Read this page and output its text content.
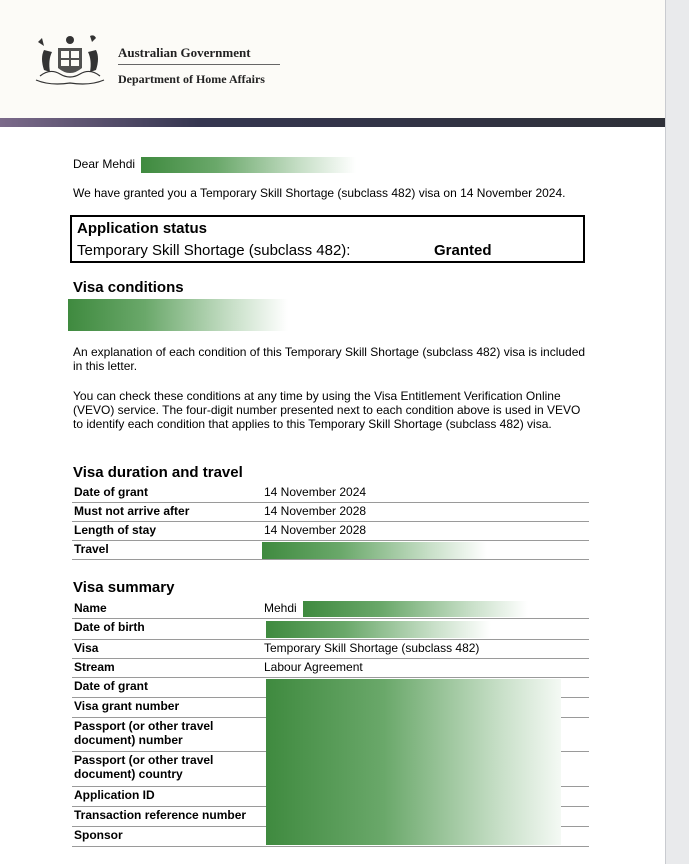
Australian Government
Department of Home Affairs
Dear Mehdi
We have granted you a Temporary Skill Shortage (subclass 482) visa on 14 November 2024.
Application status
Temporary Skill Shortage (subclass 482):	Granted
Visa conditions
An explanation of each condition of this Temporary Skill Shortage (subclass 482) visa is included in this letter.
You can check these conditions at any time by using the Visa Entitlement Verification Online (VEVO) service. The four-digit number presented next to each condition above is used in VEVO to identify each condition that applies to this Temporary Skill Shortage (subclass 482) visa.
Visa duration and travel
Date of grant	14 November 2024
Must not arrive after	14 November 2028
Length of stay	14 November 2028
Travel
Visa summary
Name	Mehdi
Date of birth
Visa	Temporary Skill Shortage (subclass 482)
Stream	Labour Agreement
Date of grant
Visa grant number
Passport (or other travel document) number
Passport (or other travel document) country
Application ID
Transaction reference number
Sponsor
